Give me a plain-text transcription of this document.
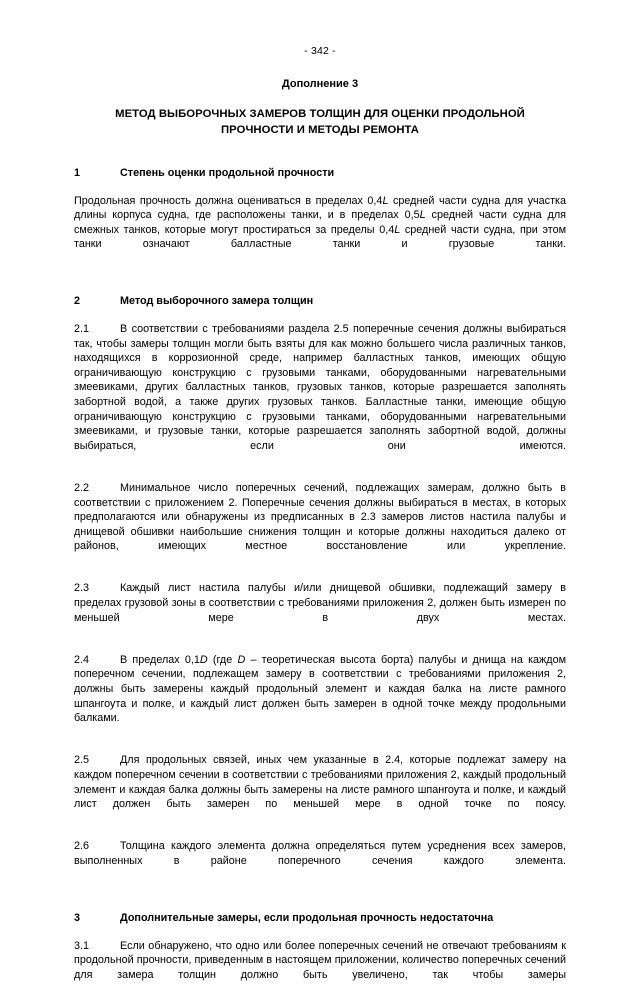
- 342 -
Дополнение 3
МЕТОД ВЫБОРОЧНЫХ ЗАМЕРОВ ТОЛЩИН ДЛЯ ОЦЕНКИ ПРОДОЛЬНОЙ
ПРОЧНОСТИ И МЕТОДЫ РЕМОНТА
1	Степень оценки продольной прочности
Продольная прочность должна оцениваться в пределах 0,4L средней части судна для участка длины корпуса судна, где расположены танки, и в пределах 0,5L средней части судна для смежных танков, которые могут простираться за пределы 0,4L средней части судна, при этом танки означают балластные танки и грузовые танки.
2	Метод выборочного замера толщин
2.1	В соответствии с требованиями раздела 2.5 поперечные сечения должны выбираться так, чтобы замеры толщин могли быть взяты для как можно большего числа различных танков, находящихся в коррозионной среде, например балластных танков, имеющих общую ограничивающую конструкцию с грузовыми танками, оборудованными нагревательными змеевиками, других балластных танков, грузовых танков, которые разрешается заполнять забортной водой, а также других грузовых танков. Балластные танки, имеющие общую ограничивающую конструкцию с грузовыми танками, оборудованными нагревательными змеевиками, и грузовые танки, которые разрешается заполнять забортной водой, должны выбираться, если они имеются.
2.2	Минимальное число поперечных сечений, подлежащих замерам, должно быть в соответствии с приложением 2. Поперечные сечения должны выбираться в местах, в которых предполагаются или обнаружены из предписанных в 2.3 замеров листов настила палубы и днищевой обшивки наибольшие снижения толщин и которые должны находиться далеко от районов, имеющих местное восстановление или укрепление.
2.3	Каждый лист настила палубы и/или днищевой обшивки, подлежащий замеру в пределах грузовой зоны в соответствии с требованиями приложения 2, должен быть измерен по меньшей мере в двух местах.
2.4	В пределах 0,1D (где D – теоретическая высота борта) палубы и днища на каждом поперечном сечении, подлежащем замеру в соответствии с требованиями приложения 2, должны быть замерены каждый продольный элемент и каждая балка на листе рамного шпангоута и полке, и каждый лист должен быть замерен в одной точке между продольными балками.
2.5	Для продольных связей, иных чем указанные в 2.4, которые подлежат замеру на каждом поперечном сечении в соответствии с требованиями приложения 2, каждый продольный элемент и каждая балка должны быть замерены на листе рамного шпангоута и полке, и каждый лист должен быть замерен по меньшей мере в одной точке по поясу.
2.6	Толщина каждого элемента должна определяться путем усреднения всех замеров, выполненных в районе поперечного сечения каждого элемента.
3	Дополнительные замеры, если продольная прочность недостаточна
3.1	Если обнаружено, что одно или более поперечных сечений не отвечают требованиям к продольной прочности, приведенным в настоящем приложении, количество поперечных сечений для замера толщин должно быть увеличено, так чтобы замеры
